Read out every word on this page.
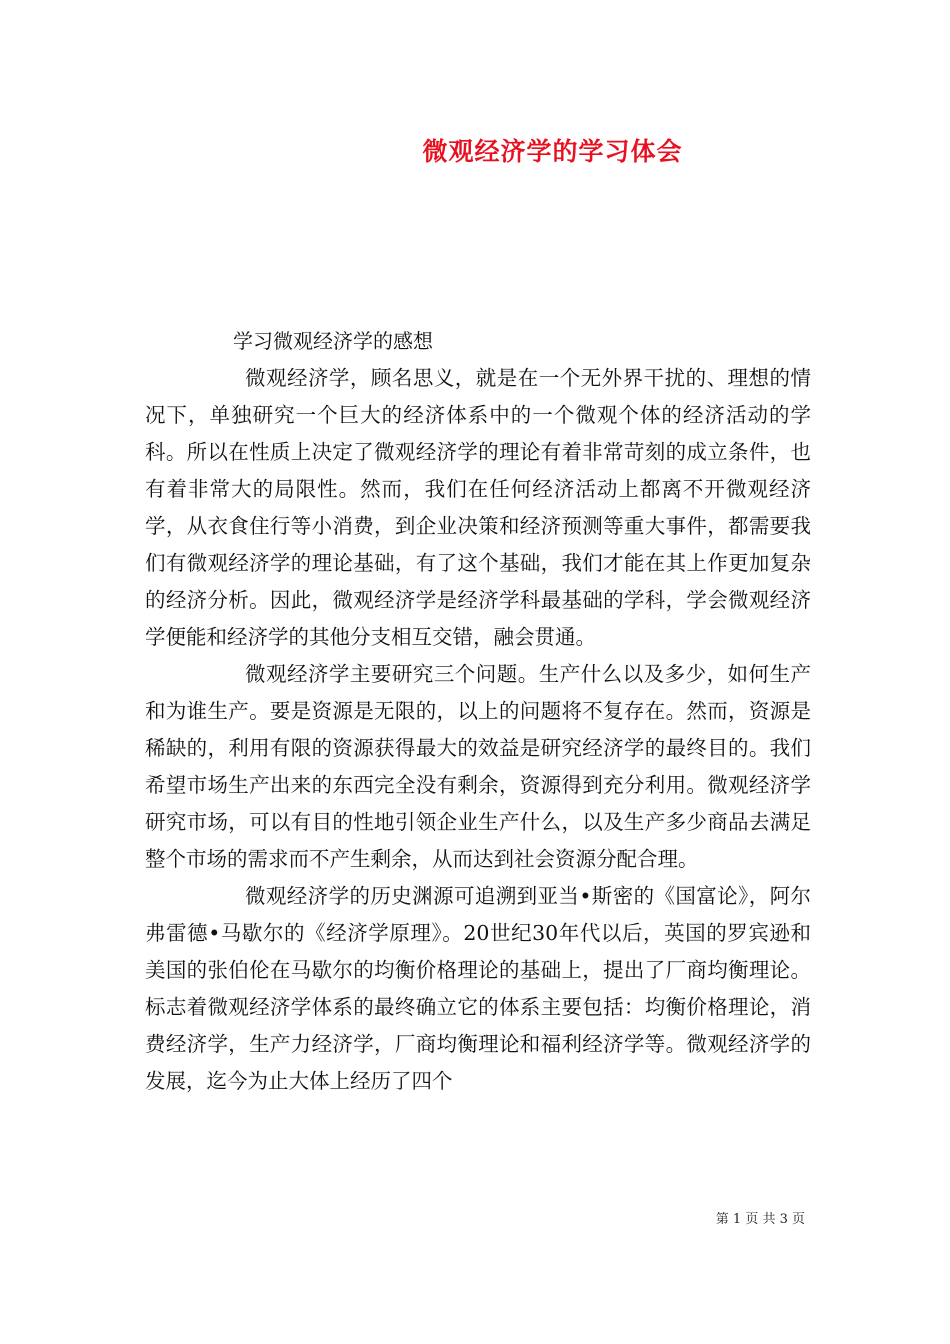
微观经济学的学习体会
学习微观经济学的感想

微观经济学，顾名思义，就是在一个无外界干扰的、理想的情况下，单独研究一个巨大的经济体系中的一个微观个体的经济活动的学科。所以在性质上决定了微观经济学的理论有着非常苛刻的成立条件，也有着非常大的局限性。然而，我们在任何经济活动上都离不开微观经济学，从衣食住行等小消费，到企业决策和经济预测等重大事件，都需要我们有微观经济学的理论基础，有了这个基础，我们才能在其上作更加复杂的经济分析。因此，微观经济学是经济学科最基础的学科，学会微观经济学便能和经济学的其他分支相互交错，融会贯通。

微观经济学主要研究三个问题。生产什么以及多少，如何生产和为谁生产。要是资源是无限的，以上的问题将不复存在。然而，资源是稀缺的，利用有限的资源获得最大的效益是研究经济学的最终目的。我们希望市场生产出来的东西完全没有剩余，资源得到充分利用。微观经济学研究市场，可以有目的性地引领企业生产什么，以及生产多少商品去满足整个市场的需求而不产生剩余，从而达到社会资源分配合理。

微观经济学的历史渊源可追溯到亚当•斯密的《国富论》，阿尔弗雷德•马歇尔的《经济学原理》。20世纪30年代以后，英国的罗宾逊和美国的张伯伦在马歇尔的均衡价格理论的基础上，提出了厂商均衡理论。标志着微观经济学体系的最终确立它的体系主要包括：均衡价格理论，消费经济学，生产力经济学，厂商均衡理论和福利经济学等。微观经济学的发展，迄今为止大体上经历了四个

第 1 页 共 3 页
